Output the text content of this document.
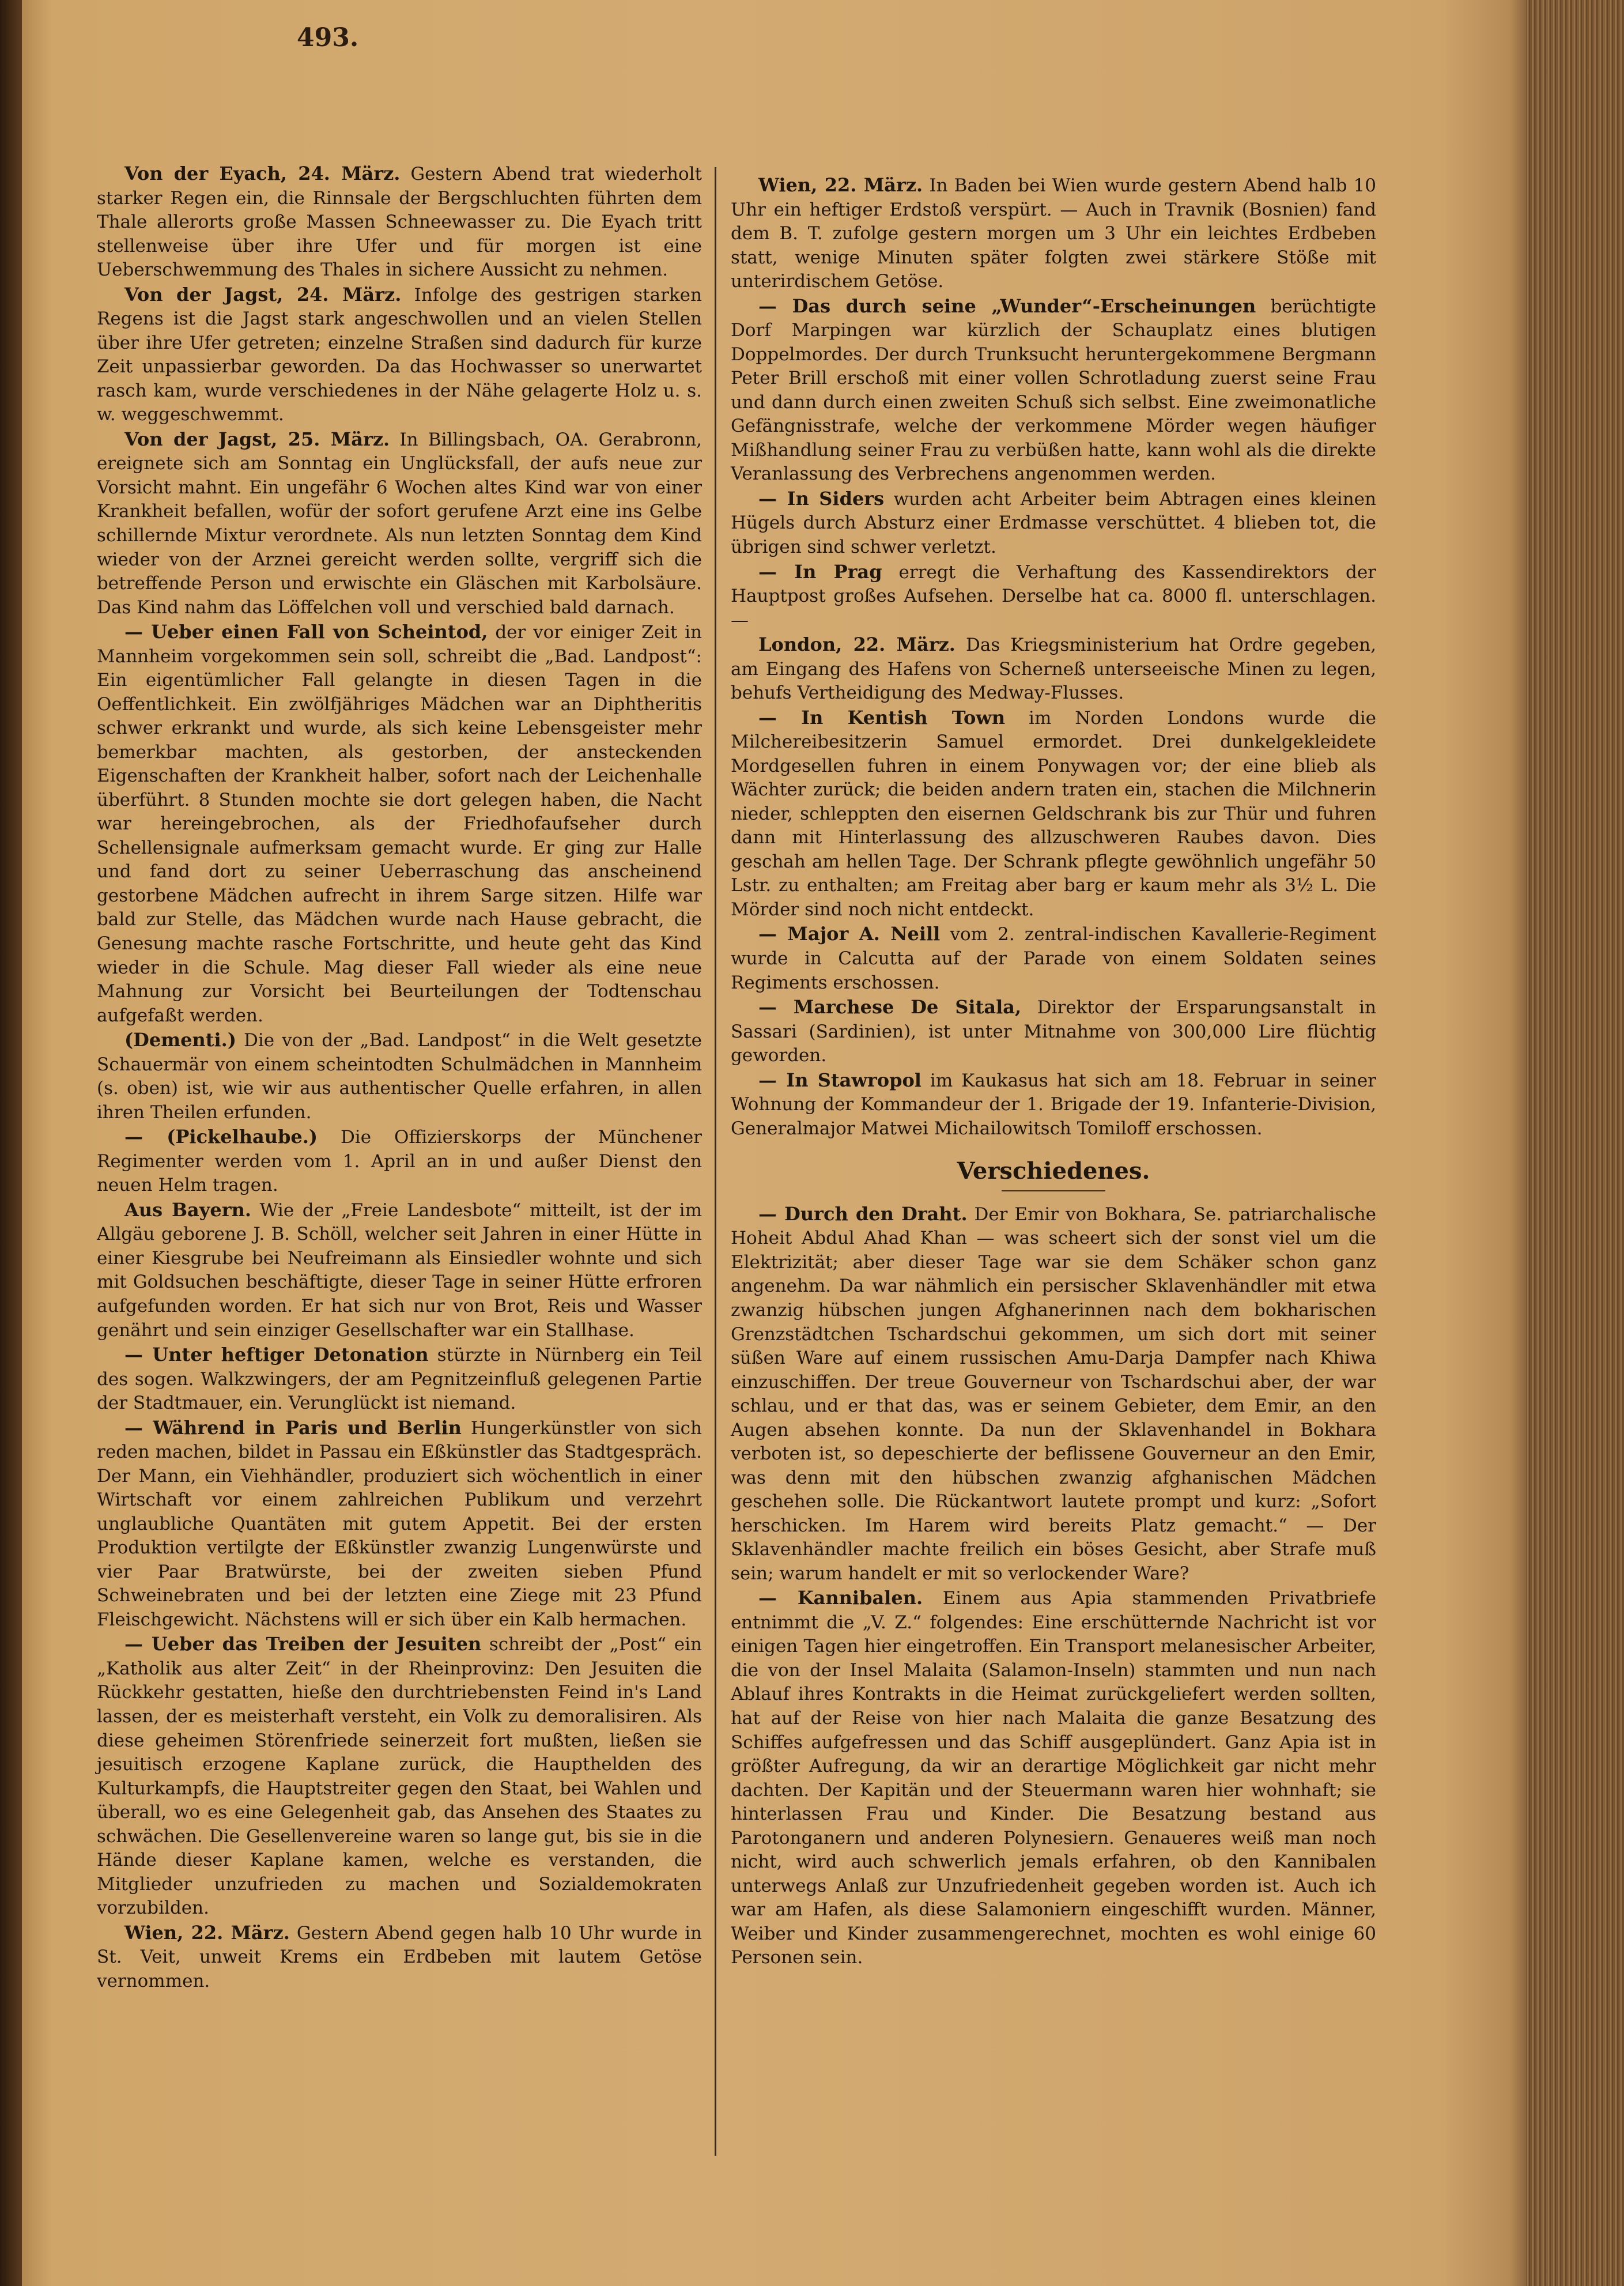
493.

Von der Eyach, 24. März. Gestern Abend trat wiederholt starker Regen ein, die Rinnsale der Bergschluchten führten dem Thale allerorts große Massen Schneewasser zu. Die Eyach tritt stellenweise über ihre Ufer und für morgen ist eine Ueberschwemmung des Thales in sichere Aussicht zu nehmen.

Von der Jagst, 24. März. Infolge des gestrigen starken Regens ist die Jagst stark angeschwollen und an vielen Stellen über ihre Ufer getreten; einzelne Straßen sind dadurch für kurze Zeit unpassierbar geworden. Da das Hochwasser so unerwartet rasch kam, wurde verschiedenes in der Nähe gelagerte Holz u. s. w. weggeschwemmt.

Von der Jagst, 25. März. In Billingsbach, OA. Gerabronn, ereignete sich am Sonntag ein Unglücksfall, der aufs neue zur Vorsicht mahnt. Ein ungefähr 6 Wochen altes Kind war von einer Krankheit befallen, wofür der sofort gerufene Arzt eine ins Gelbe schillernde Mixtur verordnete. Als nun letzten Sonntag dem Kind wieder von der Arznei gereicht werden sollte, vergriff sich die betreffende Person und erwischte ein Gläschen mit Karbolsäure. Das Kind nahm das Löffelchen voll und verschied bald darnach.

— Ueber einen Fall von Scheintod, der vor einiger Zeit in Mannheim vorgekommen sein soll, schreibt die „Bad. Landpost“: Ein eigentümlicher Fall gelangte in diesen Tagen in die Oeffentlichkeit. Ein zwölfjähriges Mädchen war an Diphtheritis schwer erkrankt und wurde, als sich keine Lebensgeister mehr bemerkbar machten, als gestorben, der ansteckenden Eigenschaften der Krankheit halber, sofort nach der Leichenhalle überführt. 8 Stunden mochte sie dort gelegen haben, die Nacht war hereingebrochen, als der Friedhofaufseher durch Schellensignale aufmerksam gemacht wurde. Er ging zur Halle und fand dort zu seiner Ueberraschung das anscheinend gestorbene Mädchen aufrecht in ihrem Sarge sitzen. Hilfe war bald zur Stelle, das Mädchen wurde nach Hause gebracht, die Genesung machte rasche Fortschritte, und heute geht das Kind wieder in die Schule. Mag dieser Fall wieder als eine neue Mahnung zur Vorsicht bei Beurteilungen der Todtenschau aufgefaßt werden.

(Dementi.) Die von der „Bad. Landpost“ in die Welt gesetzte Schauermär von einem scheintodten Schulmädchen in Mannheim (s. oben) ist, wie wir aus authentischer Quelle erfahren, in allen ihren Theilen erfunden.

— (Pickelhaube.) Die Offizierskorps der Münchener Regimenter werden vom 1. April an in und außer Dienst den neuen Helm tragen.

Aus Bayern. Wie der „Freie Landesbote“ mitteilt, ist der im Allgäu geborene J. B. Schöll, welcher seit Jahren in einer Hütte in einer Kiesgrube bei Neufreimann als Einsiedler wohnte und sich mit Goldsuchen beschäftigte, dieser Tage in seiner Hütte erfroren aufgefunden worden. Er hat sich nur von Brot, Reis und Wasser genährt und sein einziger Gesellschafter war ein Stallhase.

— Unter heftiger Detonation stürzte in Nürnberg ein Teil des sogen. Walkzwingers, der am Pegnitzeinfluß gelegenen Partie der Stadtmauer, ein. Verunglückt ist niemand.

— Während in Paris und Berlin Hungerkünstler von sich reden machen, bildet in Passau ein Eßkünstler das Stadtgespräch. Der Mann, ein Viehhändler, produziert sich wöchentlich in einer Wirtschaft vor einem zahlreichen Publikum und verzehrt unglaubliche Quantäten mit gutem Appetit. Bei der ersten Produktion vertilgte der Eßkünstler zwanzig Lungenwürste und vier Paar Bratwürste, bei der zweiten sieben Pfund Schweinebraten und bei der letzten eine Ziege mit 23 Pfund Fleischgewicht. Nächstens will er sich über ein Kalb hermachen.

— Ueber das Treiben der Jesuiten schreibt der „Post“ ein „Katholik aus alter Zeit“ in der Rheinprovinz: Den Jesuiten die Rückkehr gestatten, hieße den durchtriebensten Feind in's Land lassen, der es meisterhaft versteht, ein Volk zu demoralisiren. Als diese geheimen Störenfriede seinerzeit fort mußten, ließen sie jesuitisch erzogene Kaplane zurück, die Haupthelden des Kulturkampfs, die Hauptstreiter gegen den Staat, bei Wahlen und überall, wo es eine Gelegenheit gab, das Ansehen des Staates zu schwächen. Die Gesellenvereine waren so lange gut, bis sie in die Hände dieser Kaplane kamen, welche es verstanden, die Mitglieder unzufrieden zu machen und Sozialdemokraten vorzubilden.

Wien, 22. März. Gestern Abend gegen halb 10 Uhr wurde in St. Veit, unweit Krems ein Erdbeben mit lautem Getöse vernommen.

Wien, 22. März. In Baden bei Wien wurde gestern Abend halb 10 Uhr ein heftiger Erdstoß verspürt. — Auch in Travnik (Bosnien) fand dem B. T. zufolge gestern morgen um 3 Uhr ein leichtes Erdbeben statt, wenige Minuten später folgten zwei stärkere Stöße mit unterirdischem Getöse.

— Das durch seine „Wunder“-Erscheinungen berüchtigte Dorf Marpingen war kürzlich der Schauplatz eines blutigen Doppelmordes. Der durch Trunksucht heruntergekommene Bergmann Peter Brill erschoß mit einer vollen Schrotladung zuerst seine Frau und dann durch einen zweiten Schuß sich selbst. Eine zweimonatliche Gefängnisstrafe, welche der verkommene Mörder wegen häufiger Mißhandlung seiner Frau zu verbüßen hatte, kann wohl als die direkte Veranlassung des Verbrechens angenommen werden.

— In Siders wurden acht Arbeiter beim Abtragen eines kleinen Hügels durch Absturz einer Erdmasse verschüttet. 4 blieben tot, die übrigen sind schwer verletzt.

— In Prag erregt die Verhaftung des Kassendirektors der Hauptpost großes Aufsehen. Derselbe hat ca. 8000 fl. unterschlagen. —

London, 22. März. Das Kriegsministerium hat Ordre gegeben, am Eingang des Hafens von Scherneß unterseeische Minen zu legen, behufs Vertheidigung des Medway-Flusses.

— In Kentish Town im Norden Londons wurde die Milchereibesitzerin Samuel ermordet. Drei dunkelgekleidete Mordgesellen fuhren in einem Ponywagen vor; der eine blieb als Wächter zurück; die beiden andern traten ein, stachen die Milchnerin nieder, schleppten den eisernen Geldschrank bis zur Thür und fuhren dann mit Hinterlassung des allzuschweren Raubes davon. Dies geschah am hellen Tage. Der Schrank pflegte gewöhnlich ungefähr 50 Lstr. zu enthalten; am Freitag aber barg er kaum mehr als 3½ L. Die Mörder sind noch nicht entdeckt.

— Major A. Neill vom 2. zentral-indischen Kavallerie-Regiment wurde in Calcutta auf der Parade von einem Soldaten seines Regiments erschossen.

— Marchese De Sitala, Direktor der Ersparungsanstalt in Sassari (Sardinien), ist unter Mitnahme von 300,000 Lire flüchtig geworden.

— In Stawropol im Kaukasus hat sich am 18. Februar in seiner Wohnung der Kommandeur der 1. Brigade der 19. Infanterie-Division, Generalmajor Matwei Michailowitsch Tomiloff erschossen.

Verschiedenes.

— Durch den Draht. Der Emir von Bokhara, Se. patriarchalische Hoheit Abdul Ahad Khan — was scheert sich der sonst viel um die Elektrizität; aber dieser Tage war sie dem Schäker schon ganz angenehm. Da war nähmlich ein persischer Sklavenhändler mit etwa zwanzig hübschen jungen Afghanerinnen nach dem bokharischen Grenzstädtchen Tschardschui gekommen, um sich dort mit seiner süßen Ware auf einem russischen Amu-Darja Dampfer nach Khiwa einzuschiffen. Der treue Gouverneur von Tschardschui aber, der war schlau, und er that das, was er seinem Gebieter, dem Emir, an den Augen absehen konnte. Da nun der Sklavenhandel in Bokhara verboten ist, so depeschierte der beflissene Gouverneur an den Emir, was denn mit den hübschen zwanzig afghanischen Mädchen geschehen solle. Die Rückantwort lautete prompt und kurz: „Sofort herschicken. Im Harem wird bereits Platz gemacht.“ — Der Sklavenhändler machte freilich ein böses Gesicht, aber Strafe muß sein; warum handelt er mit so verlockender Ware?

— Kannibalen. Einem aus Apia stammenden Privatbriefe entnimmt die „V. Z.“ folgendes: Eine erschütternde Nachricht ist vor einigen Tagen hier eingetroffen. Ein Transport melanesischer Arbeiter, die von der Insel Malaita (Salamon-Inseln) stammten und nun nach Ablauf ihres Kontrakts in die Heimat zurückgeliefert werden sollten, hat auf der Reise von hier nach Malaita die ganze Besatzung des Schiffes aufgefressen und das Schiff ausgeplündert. Ganz Apia ist in größter Aufregung, da wir an derartige Möglichkeit gar nicht mehr dachten. Der Kapitän und der Steuermann waren hier wohnhaft; sie hinterlassen Frau und Kinder. Die Besatzung bestand aus Parotonganern und anderen Polynesiern. Genaueres weiß man noch nicht, wird auch schwerlich jemals erfahren, ob den Kannibalen unterwegs Anlaß zur Unzufriedenheit gegeben worden ist. Auch ich war am Hafen, als diese Salamoniern eingeschifft wurden. Männer, Weiber und Kinder zusammengerechnet, mochten es wohl einige 60 Personen sein.
